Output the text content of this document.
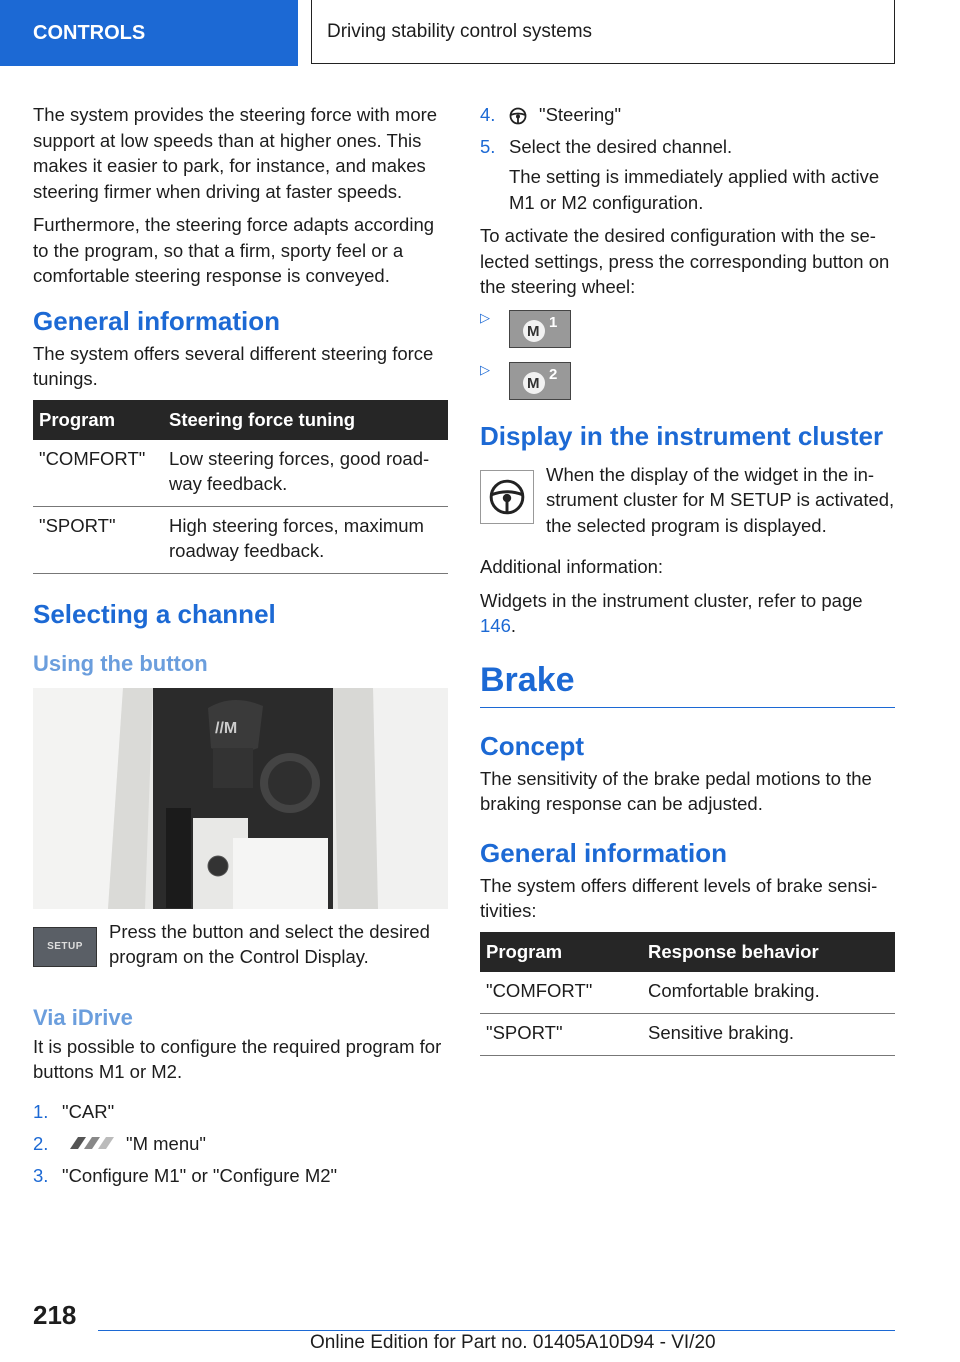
CONTROLS	Driving stability control systems

The system provides the steering force with more support at low speeds than at higher ones. This makes it easier to park, for instance, and makes steering firmer when driving at faster speeds.

Furthermore, the steering force adapts according to the program, so that a firm, sporty feel or a comfortable steering response is conveyed.

General information

The system offers several different steering force tunings.

Program	Steering force tuning
"COMFORT"	Low steering forces, good roadway feedback.
"SPORT"	High steering forces, maximum roadway feedback.
Selecting a channel
Using the button
//M
SETUP

Press the button and select the desired program on the Control Display.

Via iDrive

It is possible to configure the required program for buttons M1 or M2.

1. "CAR"
2.	"M menu"
3. "Configure M1" or "Configure M2"
4.	"Steering"
5. Select the desired channel.

The setting is immediately applied with active M1 or M2 configuration.

To activate the desired configuration with the selected settings, press the corresponding button on the steering wheel:

▷
M
1
▷
M
2
Display in the instrument cluster

When the display of the widget in the instrument cluster for M SETUP is activated, the selected program is displayed.

Additional information:

Widgets in the instrument cluster, refer to page 146.

Brake
Concept

The sensitivity of the brake pedal motions to the braking response can be adjusted.

General information

The system offers different levels of brake sensitivities:

Program	Response behavior
"COMFORT"	Comfortable braking.
"SPORT"	Sensitive braking.
218
Online Edition for Part no. 01405A10D94 - VI/20
